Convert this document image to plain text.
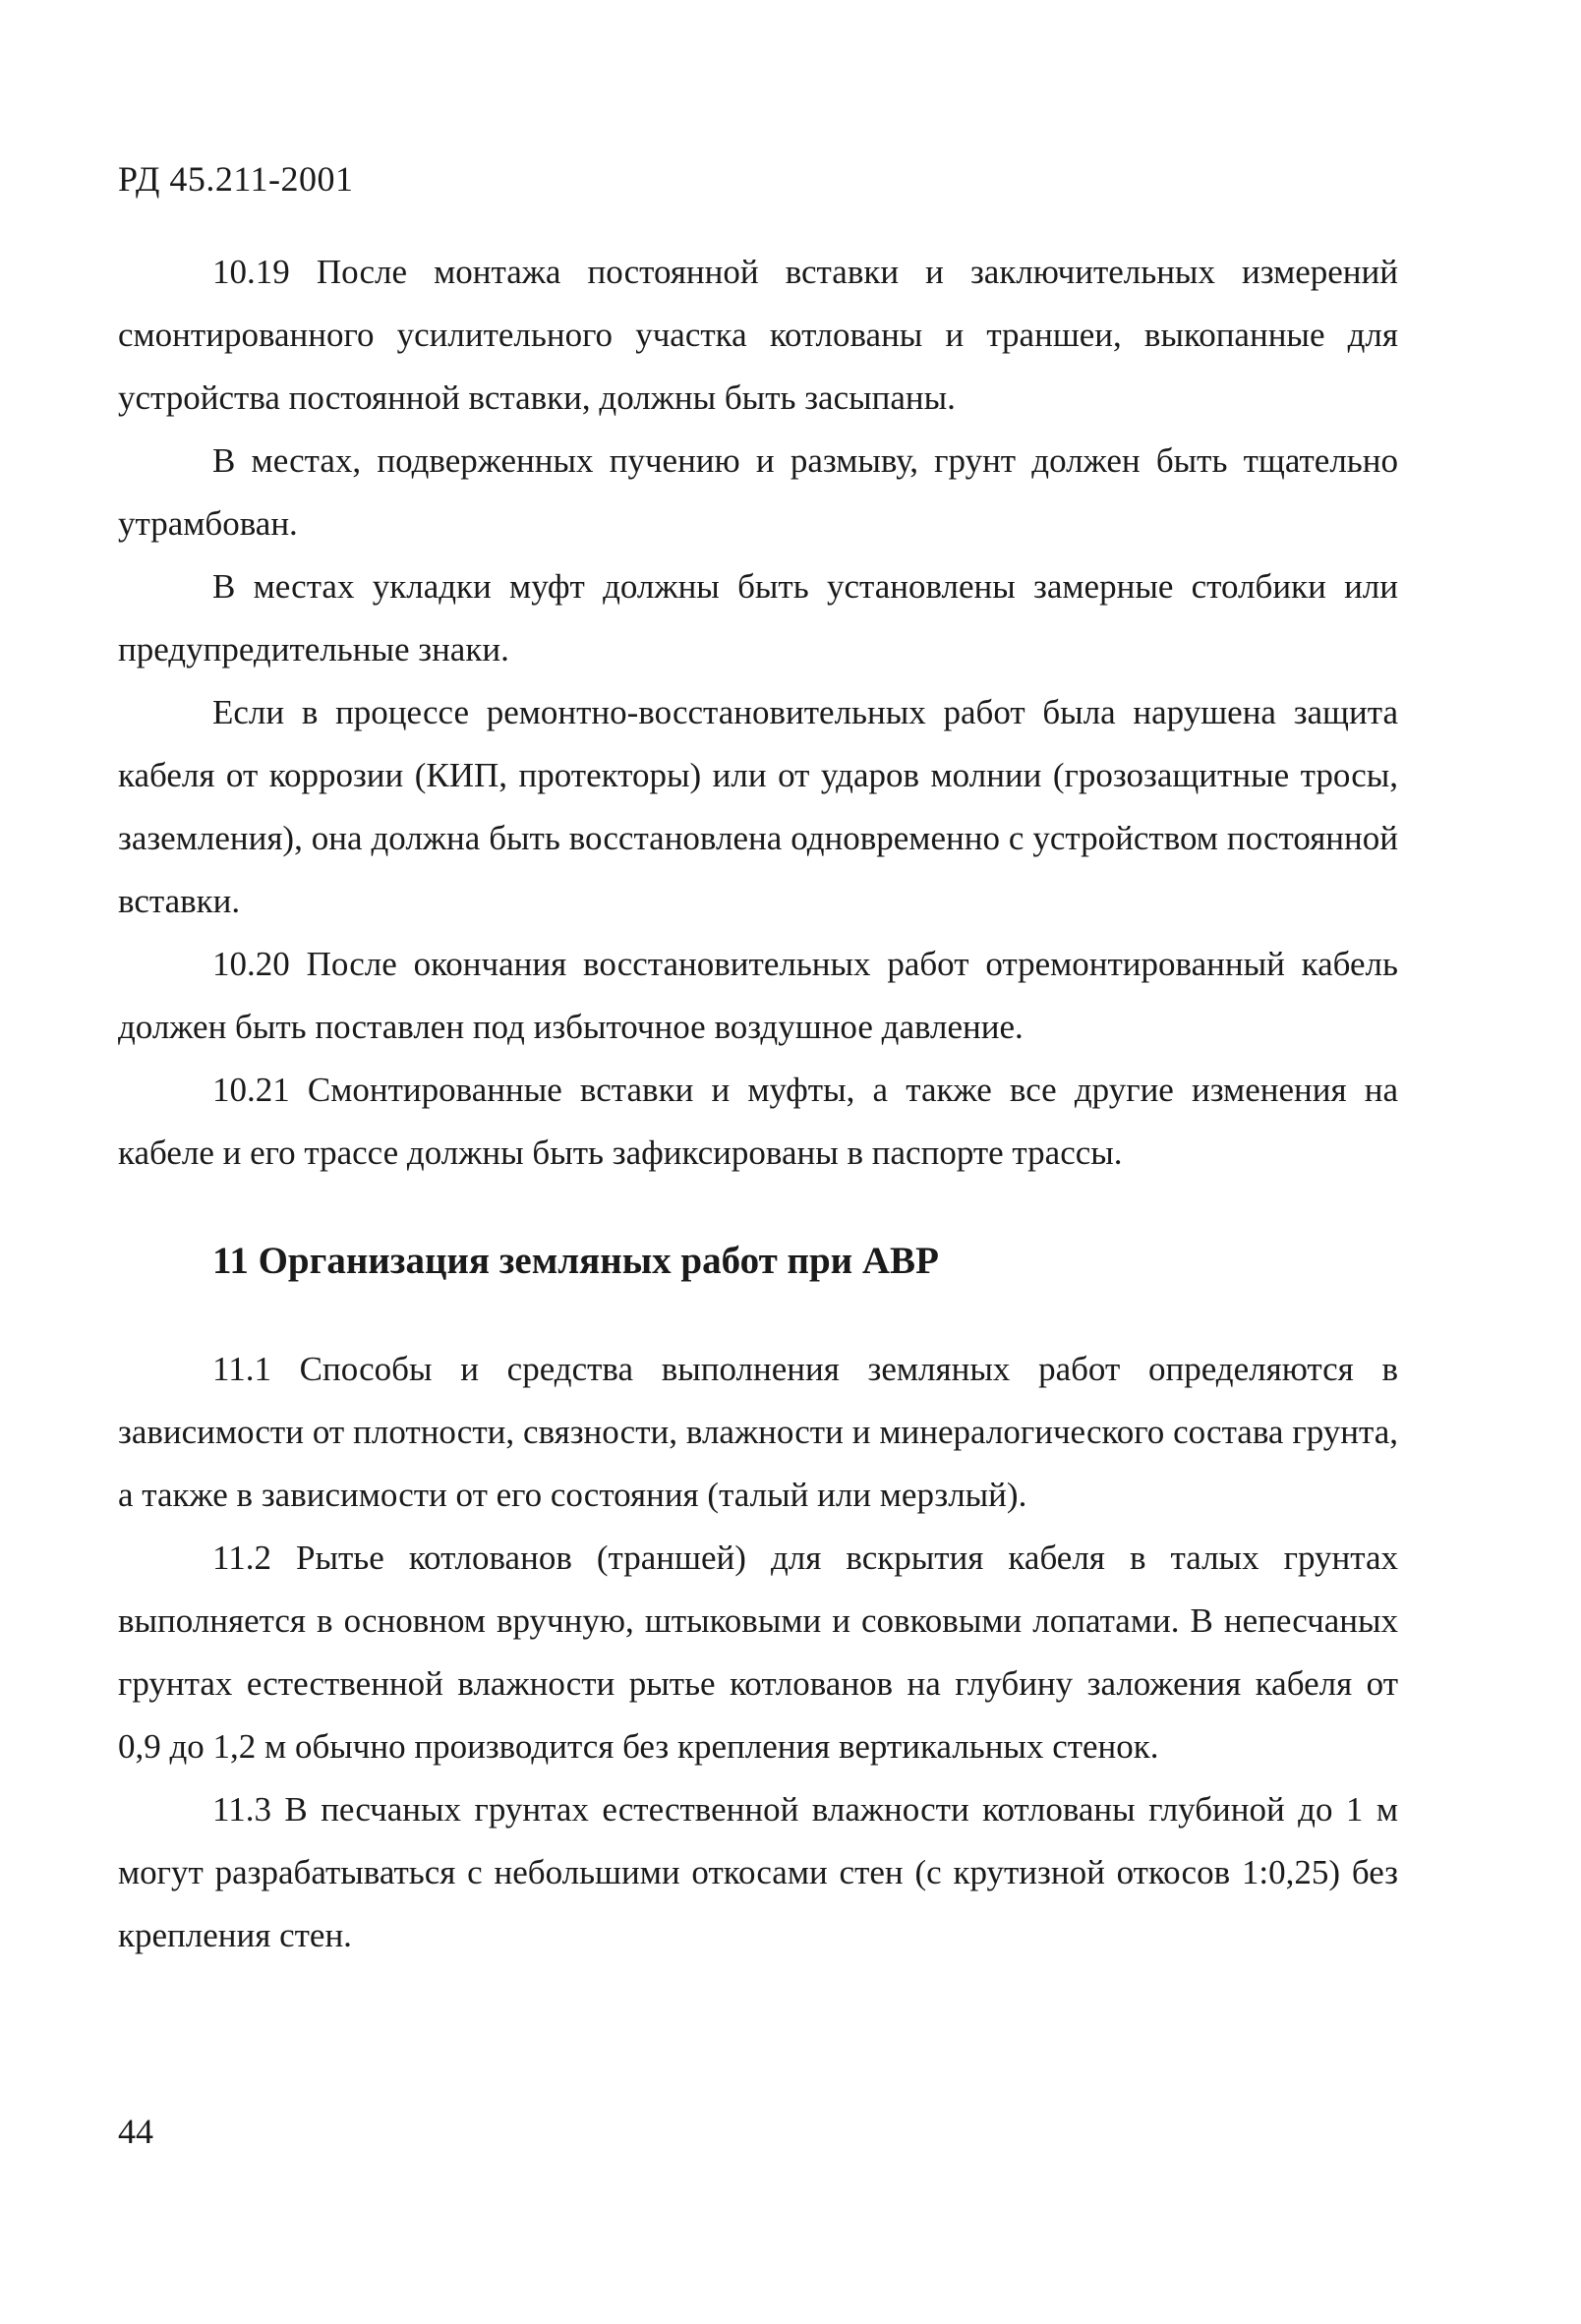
РД 45.211-2001

10.19 После монтажа постоянной вставки и заключительных измерений смонтированного усилительного участка котлованы и траншеи, выкопанные для устройства постоянной вставки, должны быть засыпаны.

В местах, подверженных пучению и размыву, грунт должен быть тщательно утрамбован.

В местах укладки муфт должны быть установлены замерные столбики или предупредительные знаки.

Если в процессе ремонтно-восстановительных работ была нарушена защита кабеля от коррозии (КИП, протекторы) или от ударов молнии (грозозащитные тросы, заземления), она должна быть восстановлена одновременно с устройством постоянной вставки.

10.20 После окончания восстановительных работ отремонтированный кабель должен быть поставлен под избыточное воздушное давление.

10.21 Смонтированные вставки и муфты, а также все другие изменения на кабеле и его трассе должны быть зафиксированы в паспорте трассы.

11 Организация земляных работ при АВР

11.1 Способы и средства выполнения земляных работ определяются в зависимости от плотности, связности, влажности и минералогического состава грунта, а также в зависимости от его состояния (талый или мерзлый).

11.2 Рытье котлованов (траншей) для вскрытия кабеля в талых грунтах выполняется в основном вручную, штыковыми и совковыми лопатами. В непесчаных грунтах естественной влажности рытье котлованов на глубину заложения кабеля от 0,9 до 1,2 м обычно производится без крепления вертикальных стенок.

11.3 В песчаных грунтах естественной влажности котлованы глубиной до 1 м могут разрабатываться с небольшими откосами стен (с крутизной откосов 1:0,25) без крепления стен.

44
